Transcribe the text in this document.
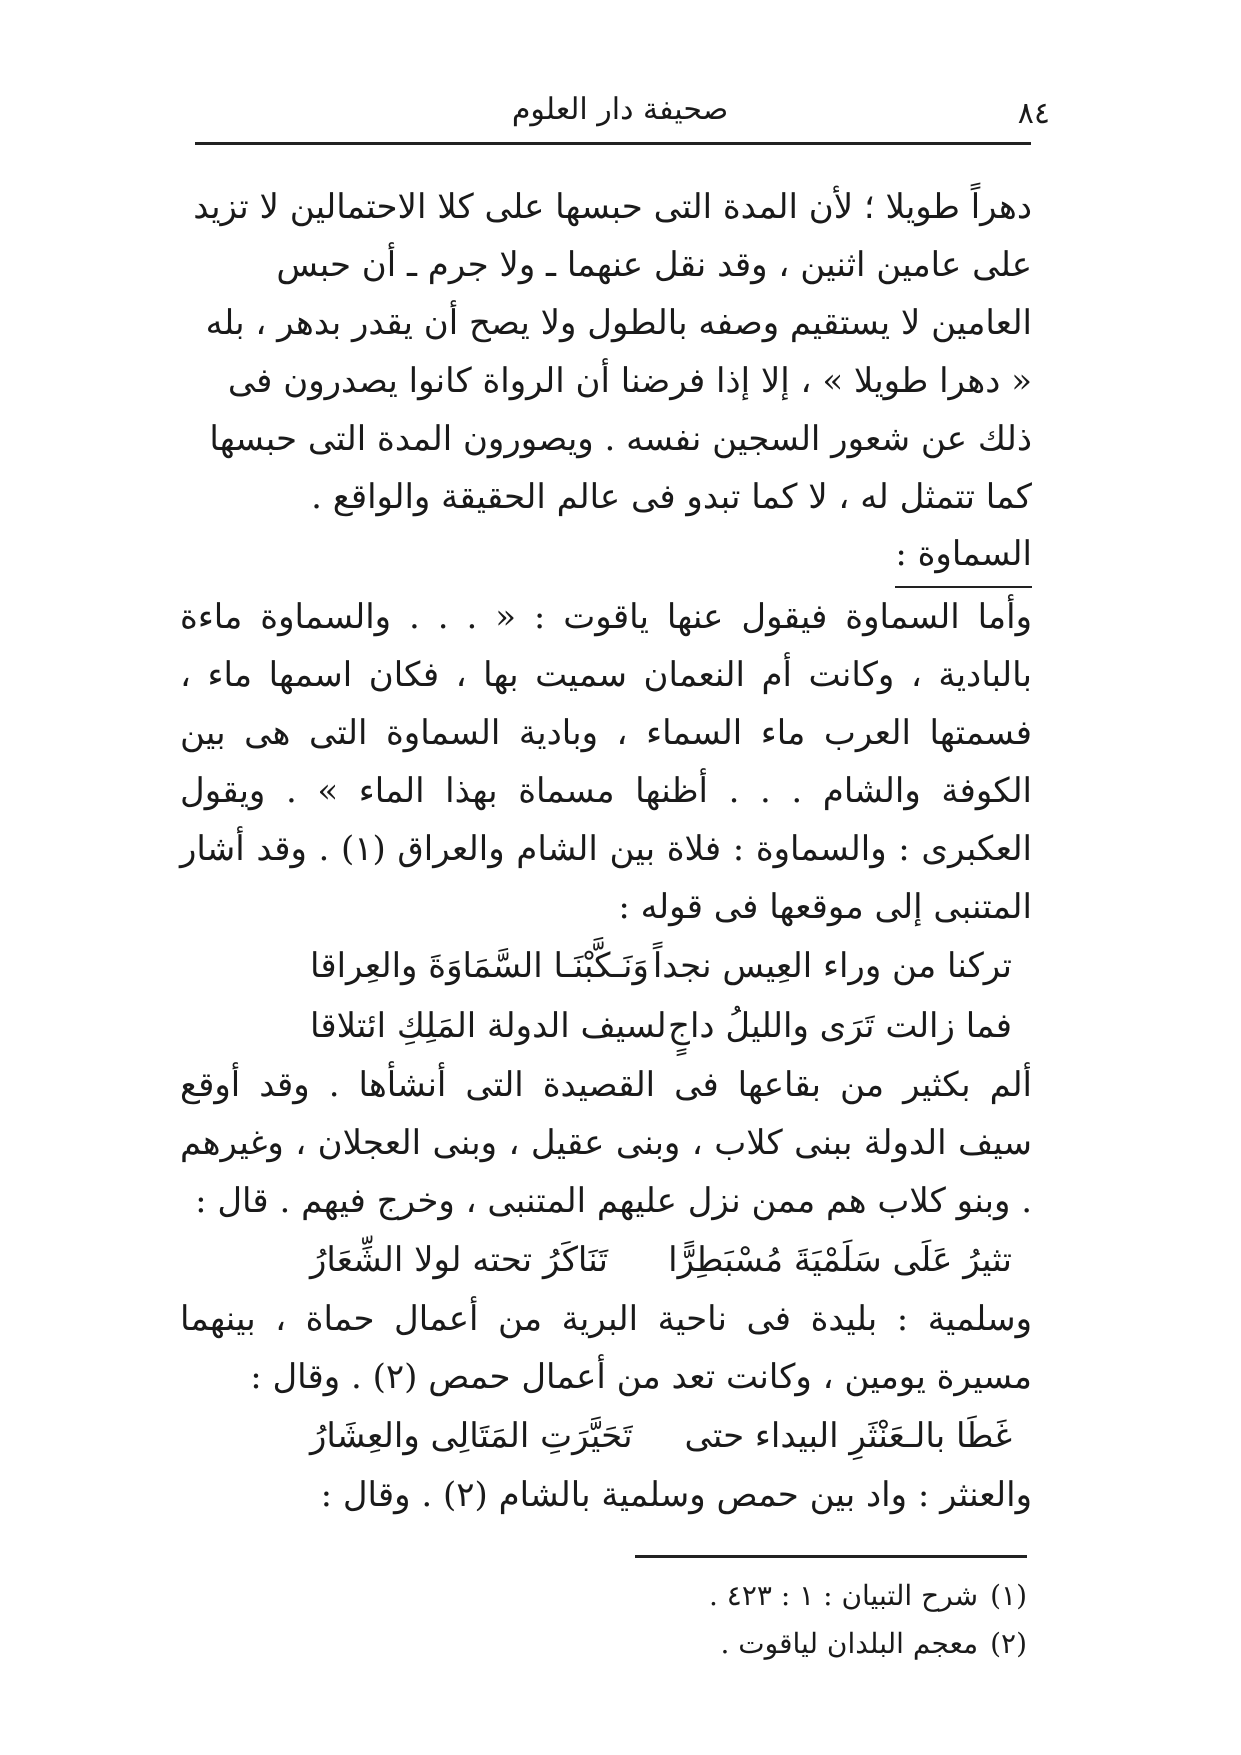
٨٤
صحيفة دار العلوم

دهراً طويلا ؛ لأن المدة التى حبسها على كلا الاحتمالين لا تزيد على عامين اثنين ، وقد نقل عنهما ـ ولا جرم ـ أن حبس العامين لا يستقيم وصفه بالطول ولا يصح أن يقدر بدهر ، بله « دهرا طويلا » ، إلا إذا فرضنا أن الرواة كانوا يصدرون فى ذلك عن شعور السجين نفسه . ويصورون المدة التى حبسها كما تتمثل له ، لا كما تبدو فى عالم الحقيقة والواقع .

السماوة :

وأما السماوة فيقول عنها ياقوت : « . . . والسماوة ماءة بالبادية ، وكانت أم النعمان سميت بها ، فكان اسمها ماء ، فسمتها العرب ماء السماء ، وبادية السماوة التى هى بين الكوفة والشام . . . أظنها مسماة بهذا الماء » . ويقول العكبرى : والسماوة : فلاة بين الشام والعراق (١) . وقد أشار المتنبى إلى موقعها فى قوله :

تركنا من وراء العِيس نجداً
وَنَـكَّبْنَـا السَّمَاوَةَ والعِراقا
فما زالت تَرَى والليلُ داجٍ
لسيف الدولة المَلِكِ ائتلاقا

ألم بكثير من بقاعها فى القصيدة التى أنشأها . وقد أوقع سيف الدولة ببنى كلاب ، وبنى عقيل ، وبنى العجلان ، وغيرهم . وبنو كلاب هم ممن نزل عليهم المتنبى ، وخرج فيهم . قال :

تثيرُ عَلَى سَلَمْيَةَ مُسْبَطِرًّا
تَنَاكَرُ تحته لولا الشِّعَارُ

وسلمية : بليدة فى ناحية البرية من أعمال حماة ، بينهما مسيرة يومين ، وكانت تعد من أعمال حمص (٢) . وقال :

غَطَا بالـعَنْثَرِ البيداء حتى
تَحَيَّرَتِ المَتَالِى والعِشَارُ

والعنثر : واد بين حمص وسلمية بالشام (٢) . وقال :

(١)
شرح التبيان : ١ : ٤٢٣ .
(٢)
معجم البلدان لياقوت .
